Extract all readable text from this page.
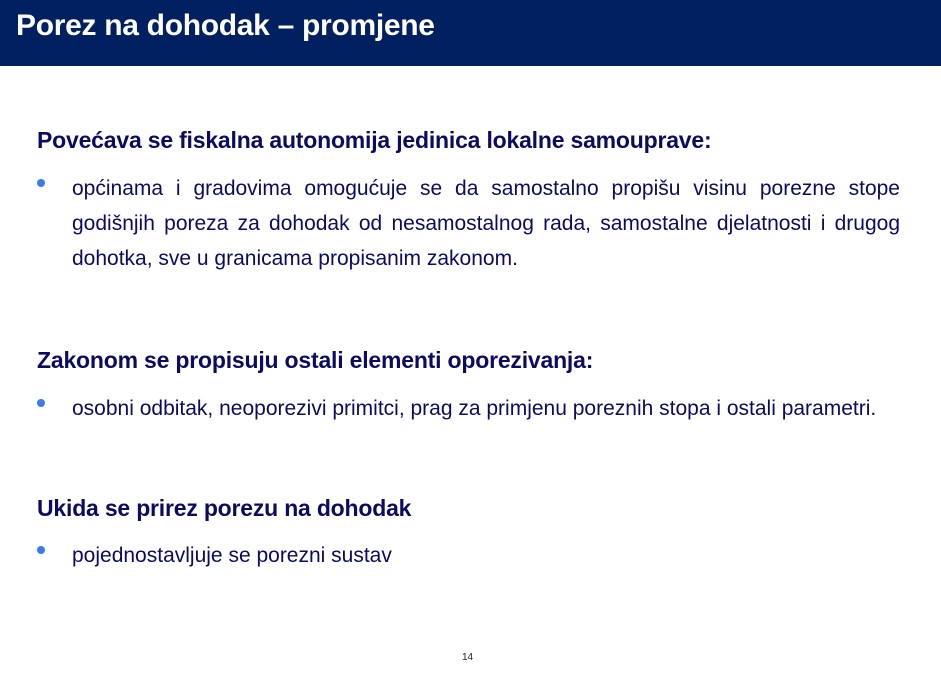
Porez na dohodak – promjene
Povećava se fiskalna autonomija jedinica lokalne samouprave:
općinama i gradovima omogućuje se da samostalno propišu visinu porezne stope godišnjih poreza za dohodak od nesamostalnog rada, samostalne djelatnosti i drugog dohotka, sve u granicama propisanim zakonom.
Zakonom se propisuju ostali elementi oporezivanja:
osobni odbitak, neoporezivi primitci, prag za primjenu poreznih stopa i ostali parametri.
Ukida se prirez porezu na dohodak
pojednostavljuje se porezni sustav
14
